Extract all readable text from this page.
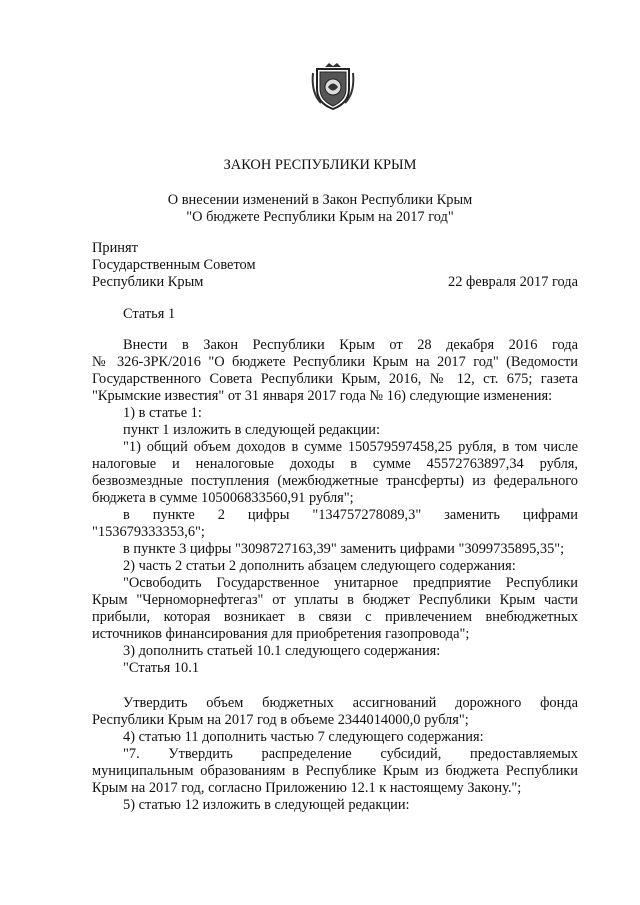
ЗАКОН РЕСПУБЛИКИ КРЫМ
О внесении изменений в Закон Республики Крым
"О бюджете Республики Крым на 2017 год"
Принят
Государственным Советом
Республики Крым	22 февраля 2017 года
Статья 1
Внести в Закон Республики Крым от 28 декабря 2016 года
№ 326-ЗРК/2016 "О бюджете Республики Крым на 2017 год" (Ведомости
Государственного Совета Республики Крым, 2016, № 12, ст. 675; газета
"Крымские известия" от 31 января 2017 года № 16) следующие изменения:
1) в статье 1:
пункт 1 изложить в следующей редакции:
"1) общий объем доходов в сумме 150579597458,25 рубля, в том числе
налоговые и неналоговые доходы в сумме 45572763897,34 рубля,
безвозмездные поступления (межбюджетные трансферты) из федерального
бюджета в сумме 105006833560,91 рубля";
в пункте 2 цифры "134757278089,3" заменить цифрами
"153679333353,6";
в пункте 3 цифры "3098727163,39" заменить цифрами "3099735895,35";
2) часть 2 статьи 2 дополнить абзацем следующего содержания:
"Освободить Государственное унитарное предприятие Республики
Крым "Черноморнефтегаз" от уплаты в бюджет Республики Крым части
прибыли, которая возникает в связи с привлечением внебюджетных
источников финансирования для приобретения газопровода";
3) дополнить статьей 10.1 следующего содержания:
"Статья 10.1
Утвердить объем бюджетных ассигнований дорожного фонда
Республики Крым на 2017 год в объеме 2344014000,0 рубля";
4) статью 11 дополнить частью 7 следующего содержания:
"7. Утвердить распределение субсидий, предоставляемых
муниципальным образованиям в Республике Крым из бюджета Республики
Крым на 2017 год, согласно Приложению 12.1 к настоящему Закону.";
5) статью 12 изложить в следующей редакции:
